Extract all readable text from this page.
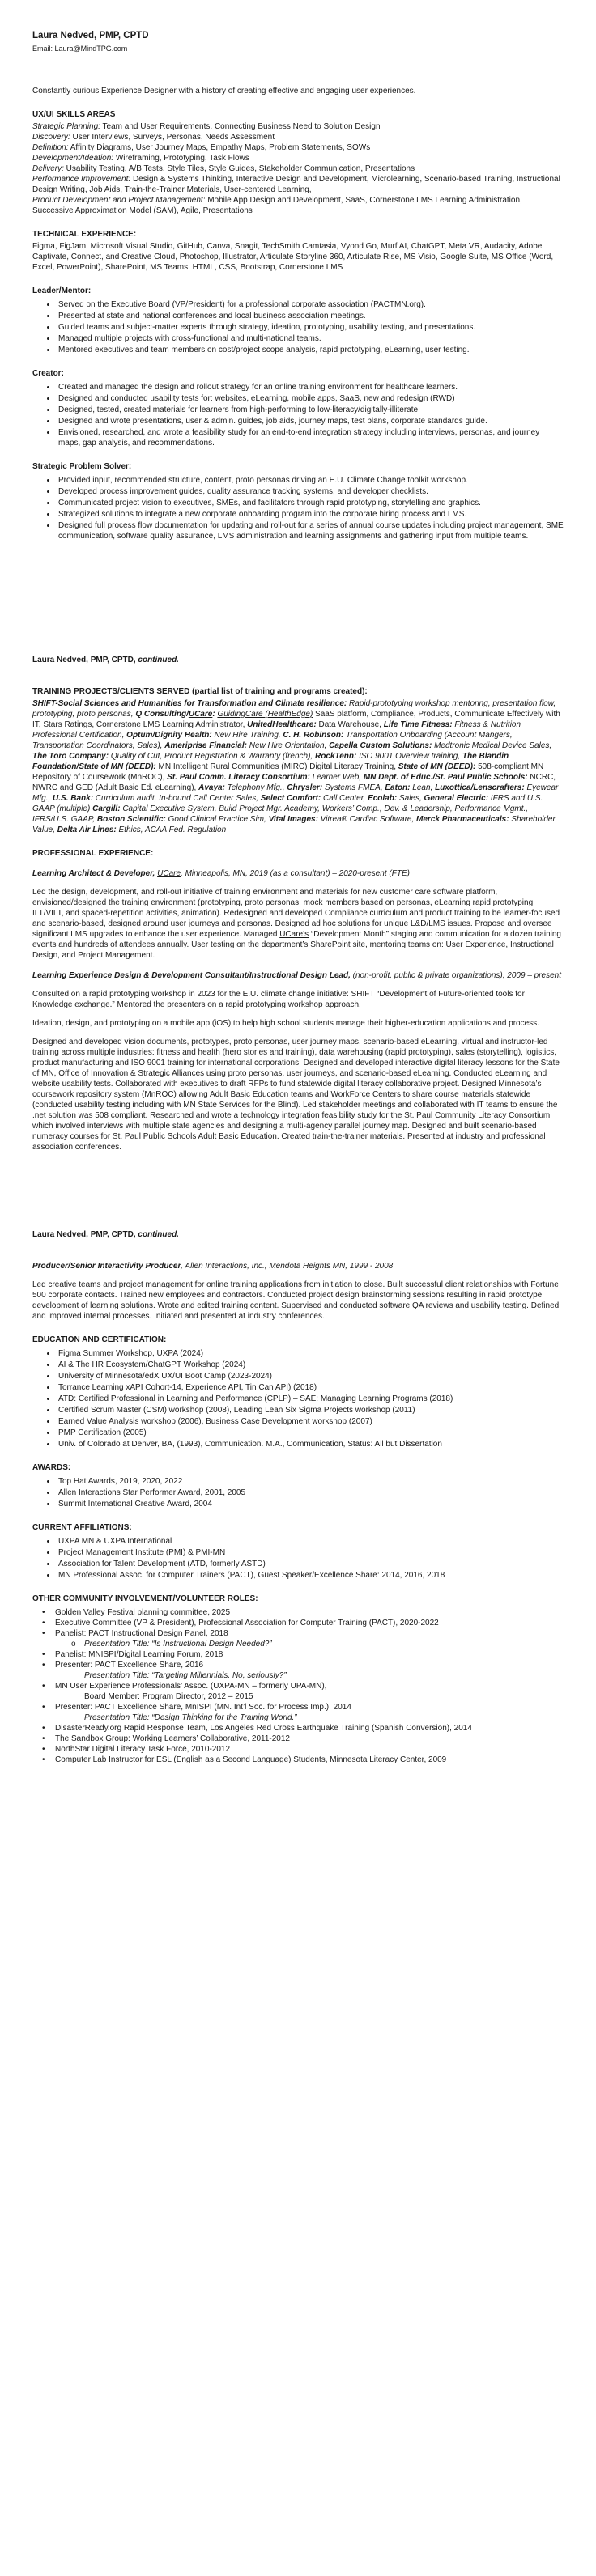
Laura Nedved, PMP, CPTD
Email: Laura@MindTPG.com

Constantly curious Experience Designer with a history of creating effective and engaging user experiences.

UX/UI SKILLS AREAS

Strategic Planning: Team and User Requirements, Connecting Business Need to Solution Design

Discovery: User Interviews, Surveys, Personas, Needs Assessment

Definition: Affinity Diagrams, User Journey Maps, Empathy Maps, Problem Statements, SOWs

Development/Ideation: Wireframing, Prototyping, Task Flows

Delivery: Usability Testing, A/B Tests, Style Tiles, Style Guides, Stakeholder Communication, Presentations

Performance Improvement: Design & Systems Thinking, Interactive Design and Development, Microlearning, Scenario-based Training, Instructional Design Writing, Job Aids, Train-the-Trainer Materials, User-centered Learning,

Product Development and Project Management: Mobile App Design and Development, SaaS, Cornerstone LMS Learning Administration, Successive Approximation Model (SAM), Agile, Presentations

TECHNICAL EXPERIENCE:

Figma, FigJam, Microsoft Visual Studio, GitHub, Canva, Snagit, TechSmith Camtasia, Vyond Go, Murf AI, ChatGPT, Meta VR, Audacity, Adobe Captivate, Connect, and Creative Cloud, Photoshop, Illustrator, Articulate Storyline 360, Articulate Rise, MS Visio, Google Suite, MS Office (Word, Excel, PowerPoint), SharePoint, MS Teams, HTML, CSS, Bootstrap, Cornerstone LMS

Leader/Mentor:
• Served on the Executive Board (VP/President) for a professional corporate association (PACTMN.org).
• Presented at state and national conferences and local business association meetings.
• Guided teams and subject-matter experts through strategy, ideation, prototyping, usability testing, and presentations.
• Managed multiple projects with cross-functional and multi-national teams.
• Mentored executives and team members on cost/project scope analysis, rapid prototyping, eLearning, user testing.
Creator:
• Created and managed the design and rollout strategy for an online training environment for healthcare learners.
• Designed and conducted usability tests for: websites, eLearning, mobile apps, SaaS, new and redesign (RWD)
• Designed, tested, created materials for learners from high-performing to low-literacy/digitally-illiterate.
• Designed and wrote presentations, user & admin. guides, job aids, journey maps, test plans, corporate standards guide.
• Envisioned, researched, and wrote a feasibility study for an end-to-end integration strategy including interviews, personas, and journey maps, gap analysis, and recommendations.
Strategic Problem Solver:
• Provided input, recommended structure, content, proto personas driving an E.U. Climate Change toolkit workshop.
• Developed process improvement guides, quality assurance tracking systems, and developer checklists.
• Communicated project vision to executives, SMEs, and facilitators through rapid prototyping, storytelling and graphics.
• Strategized solutions to integrate a new corporate onboarding program into the corporate hiring process and LMS.
• Designed full process flow documentation for updating and roll-out for a series of annual course updates including project management, SME communication, software quality assurance, LMS administration and learning assignments and gathering input from multiple teams.
Laura Nedved, PMP, CPTD, continued.
TRAINING PROJECTS/CLIENTS SERVED (partial list of training and programs created):

SHIFT-Social Sciences and Humanities for Transformation and Climate resilience: Rapid-prototyping workshop mentoring, presentation flow, prototyping, proto personas, Q Consulting/UCare: GuidingCare (HealthEdge) SaaS platform, Compliance, Products, Communicate Effectively with IT, Stars Ratings, Cornerstone LMS Learning Administrator, UnitedHealthcare: Data Warehouse, Life Time Fitness: Fitness & Nutrition Professional Certification, Optum/Dignity Health: New Hire Training, C. H. Robinson: Transportation Onboarding (Account Mangers, Transportation Coordinators, Sales), Ameriprise Financial: New Hire Orientation, Capella Custom Solutions: Medtronic Medical Device Sales, The Toro Company: Quality of Cut, Product Registration & Warranty (french), RockTenn: ISO 9001 Overview training, The Blandin Foundation/State of MN (DEED): MN Intelligent Rural Communities (MIRC) Digital Literacy Training, State of MN (DEED): 508-compliant MN Repository of Coursework (MnROC), St. Paul Comm. Literacy Consortium: Learner Web, MN Dept. of Educ./St. Paul Public Schools: NCRC, NWRC and GED (Adult Basic Ed. eLearning), Avaya: Telephony Mfg., Chrysler: Systems FMEA, Eaton: Lean, Luxottica/Lenscrafters: Eyewear Mfg., U.S. Bank: Curriculum audit, In-bound Call Center Sales, Select Comfort: Call Center, Ecolab: Sales, General Electric: IFRS and U.S. GAAP (multiple) Cargill: Capital Executive System, Build Project Mgr. Academy, Workers’ Comp., Dev. & Leadership, Performance Mgmt., IFRS/U.S. GAAP, Boston Scientific: Good Clinical Practice Sim, Vital Images: Vitrea® Cardiac Software, Merck Pharmaceuticals: Shareholder Value, Delta Air Lines: Ethics, ACAA Fed. Regulation

PROFESSIONAL EXPERIENCE:

Learning Architect & Developer, UCare, Minneapolis, MN, 2019 (as a consultant) – 2020-present (FTE)

Led the design, development, and roll-out initiative of training environment and materials for new customer care software platform, envisioned/designed the training environment (prototyping, proto personas, mock members based on personas, eLearning rapid prototyping, ILT/VILT, and spaced-repetition activities, animation). Redesigned and developed Compliance curriculum and product training to be learner-focused and scenario-based, designed around user journeys and personas. Designed ad hoc solutions for unique L&D/LMS issues. Propose and oversee significant LMS upgrades to enhance the user experience. Managed UCare’s “Development Month” staging and communication for a dozen training events and hundreds of attendees annually. User testing on the department’s SharePoint site, mentoring teams on: User Experience, Instructional Design, and Project Management.

Learning Experience Design & Development Consultant/Instructional Design Lead, (non-profit, public & private organizations), 2009 – present

Consulted on a rapid prototyping workshop in 2023 for the E.U. climate change initiative: SHIFT “Development of Future-oriented tools for Knowledge exchange.” Mentored the presenters on a rapid prototyping workshop approach.

Ideation, design, and prototyping on a mobile app (iOS) to help high school students manage their higher-education applications and process.

Designed and developed vision documents, prototypes, proto personas, user journey maps, scenario-based eLearning, virtual and instructor-led training across multiple industries: fitness and health (hero stories and training), data warehousing (rapid prototyping), sales (storytelling), logistics, product manufacturing and ISO 9001 training for international corporations. Designed and developed interactive digital literacy lessons for the State of MN, Office of Innovation & Strategic Alliances using proto personas, user journeys, and scenario-based eLearning. Conducted eLearning and website usability tests. Collaborated with executives to draft RFPs to fund statewide digital literacy collaborative project. Designed Minnesota’s coursework repository system (MnROC) allowing Adult Basic Education teams and WorkForce Centers to share course materials statewide (conducted usability testing including with MN State Services for the Blind). Led stakeholder meetings and collaborated with IT teams to ensure the .net solution was 508 compliant. Researched and wrote a technology integration feasibility study for the St. Paul Community Literacy Consortium which involved interviews with multiple state agencies and designing a multi-agency parallel journey map. Designed and built scenario-based numeracy courses for St. Paul Public Schools Adult Basic Education. Created train-the-trainer materials. Presented at industry and professional association conferences.

Laura Nedved, PMP, CPTD, continued.

Producer/Senior Interactivity Producer, Allen Interactions, Inc., Mendota Heights MN, 1999 - 2008

Led creative teams and project management for online training applications from initiation to close. Built successful client relationships with Fortune 500 corporate contacts. Trained new employees and contractors. Conducted project design brainstorming sessions resulting in rapid prototype development of learning solutions. Wrote and edited training content. Supervised and conducted software QA reviews and usability testing. Defined and improved internal processes. Initiated and presented at industry conferences.

EDUCATION AND CERTIFICATION:
• Figma Summer Workshop, UXPA (2024)
• AI & The HR Ecosystem/ChatGPT Workshop (2024)
• University of Minnesota/edX UX/UI Boot Camp (2023-2024)
• Torrance Learning xAPI Cohort-14, Experience API, Tin Can API) (2018)
• ATD: Certified Professional in Learning and Performance (CPLP) – SAE: Managing Learning Programs (2018)
• Certified Scrum Master (CSM) workshop (2008), Leading Lean Six Sigma Projects workshop (2011)
• Earned Value Analysis workshop (2006), Business Case Development workshop (2007)
• PMP Certification (2005)
• Univ. of Colorado at Denver, BA, (1993), Communication. M.A., Communication, Status: All but Dissertation
AWARDS:
• Top Hat Awards, 2019, 2020, 2022
• Allen Interactions Star Performer Award, 2001, 2005
• Summit International Creative Award, 2004
CURRENT AFFILIATIONS:
• UXPA MN & UXPA International
• Project Management Institute (PMI) & PMI-MN
• Association for Talent Development (ATD, formerly ASTD)
• MN Professional Assoc. for Computer Trainers (PACT), Guest Speaker/Excellence Share: 2014, 2016, 2018
OTHER COMMUNITY INVOLVEMENT/VOLUNTEER ROLES:
•	Golden Valley Festival planning committee, 2025
•	Executive Committee (VP & President), Professional Association for Computer Training (PACT), 2020-2022
•	Panelist: PACT Instructional Design Panel, 2018
o	Presentation Title: “Is Instructional Design Needed?”
•	Panelist: MNISPI/Digital Learning Forum, 2018
•	Presenter: PACT Excellence Share, 2016
Presentation Title: “Targeting Millennials. No, seriously?”
•	MN User Experience Professionals’ Assoc. (UXPA-MN – formerly UPA-MN),
Board Member: Program Director, 2012 – 2015
•	Presenter: PACT Excellence Share, MnISPI (MN. Int’l Soc. for Process Imp.), 2014
Presentation Title: “Design Thinking for the Training World.”
•	DisasterReady.org Rapid Response Team, Los Angeles Red Cross Earthquake Training (Spanish Conversion), 2014
•	The Sandbox Group: Working Learners’ Collaborative, 2011-2012
•	NorthStar Digital Literacy Task Force, 2010-2012
•	Computer Lab Instructor for ESL (English as a Second Language) Students, Minnesota Literacy Center, 2009
